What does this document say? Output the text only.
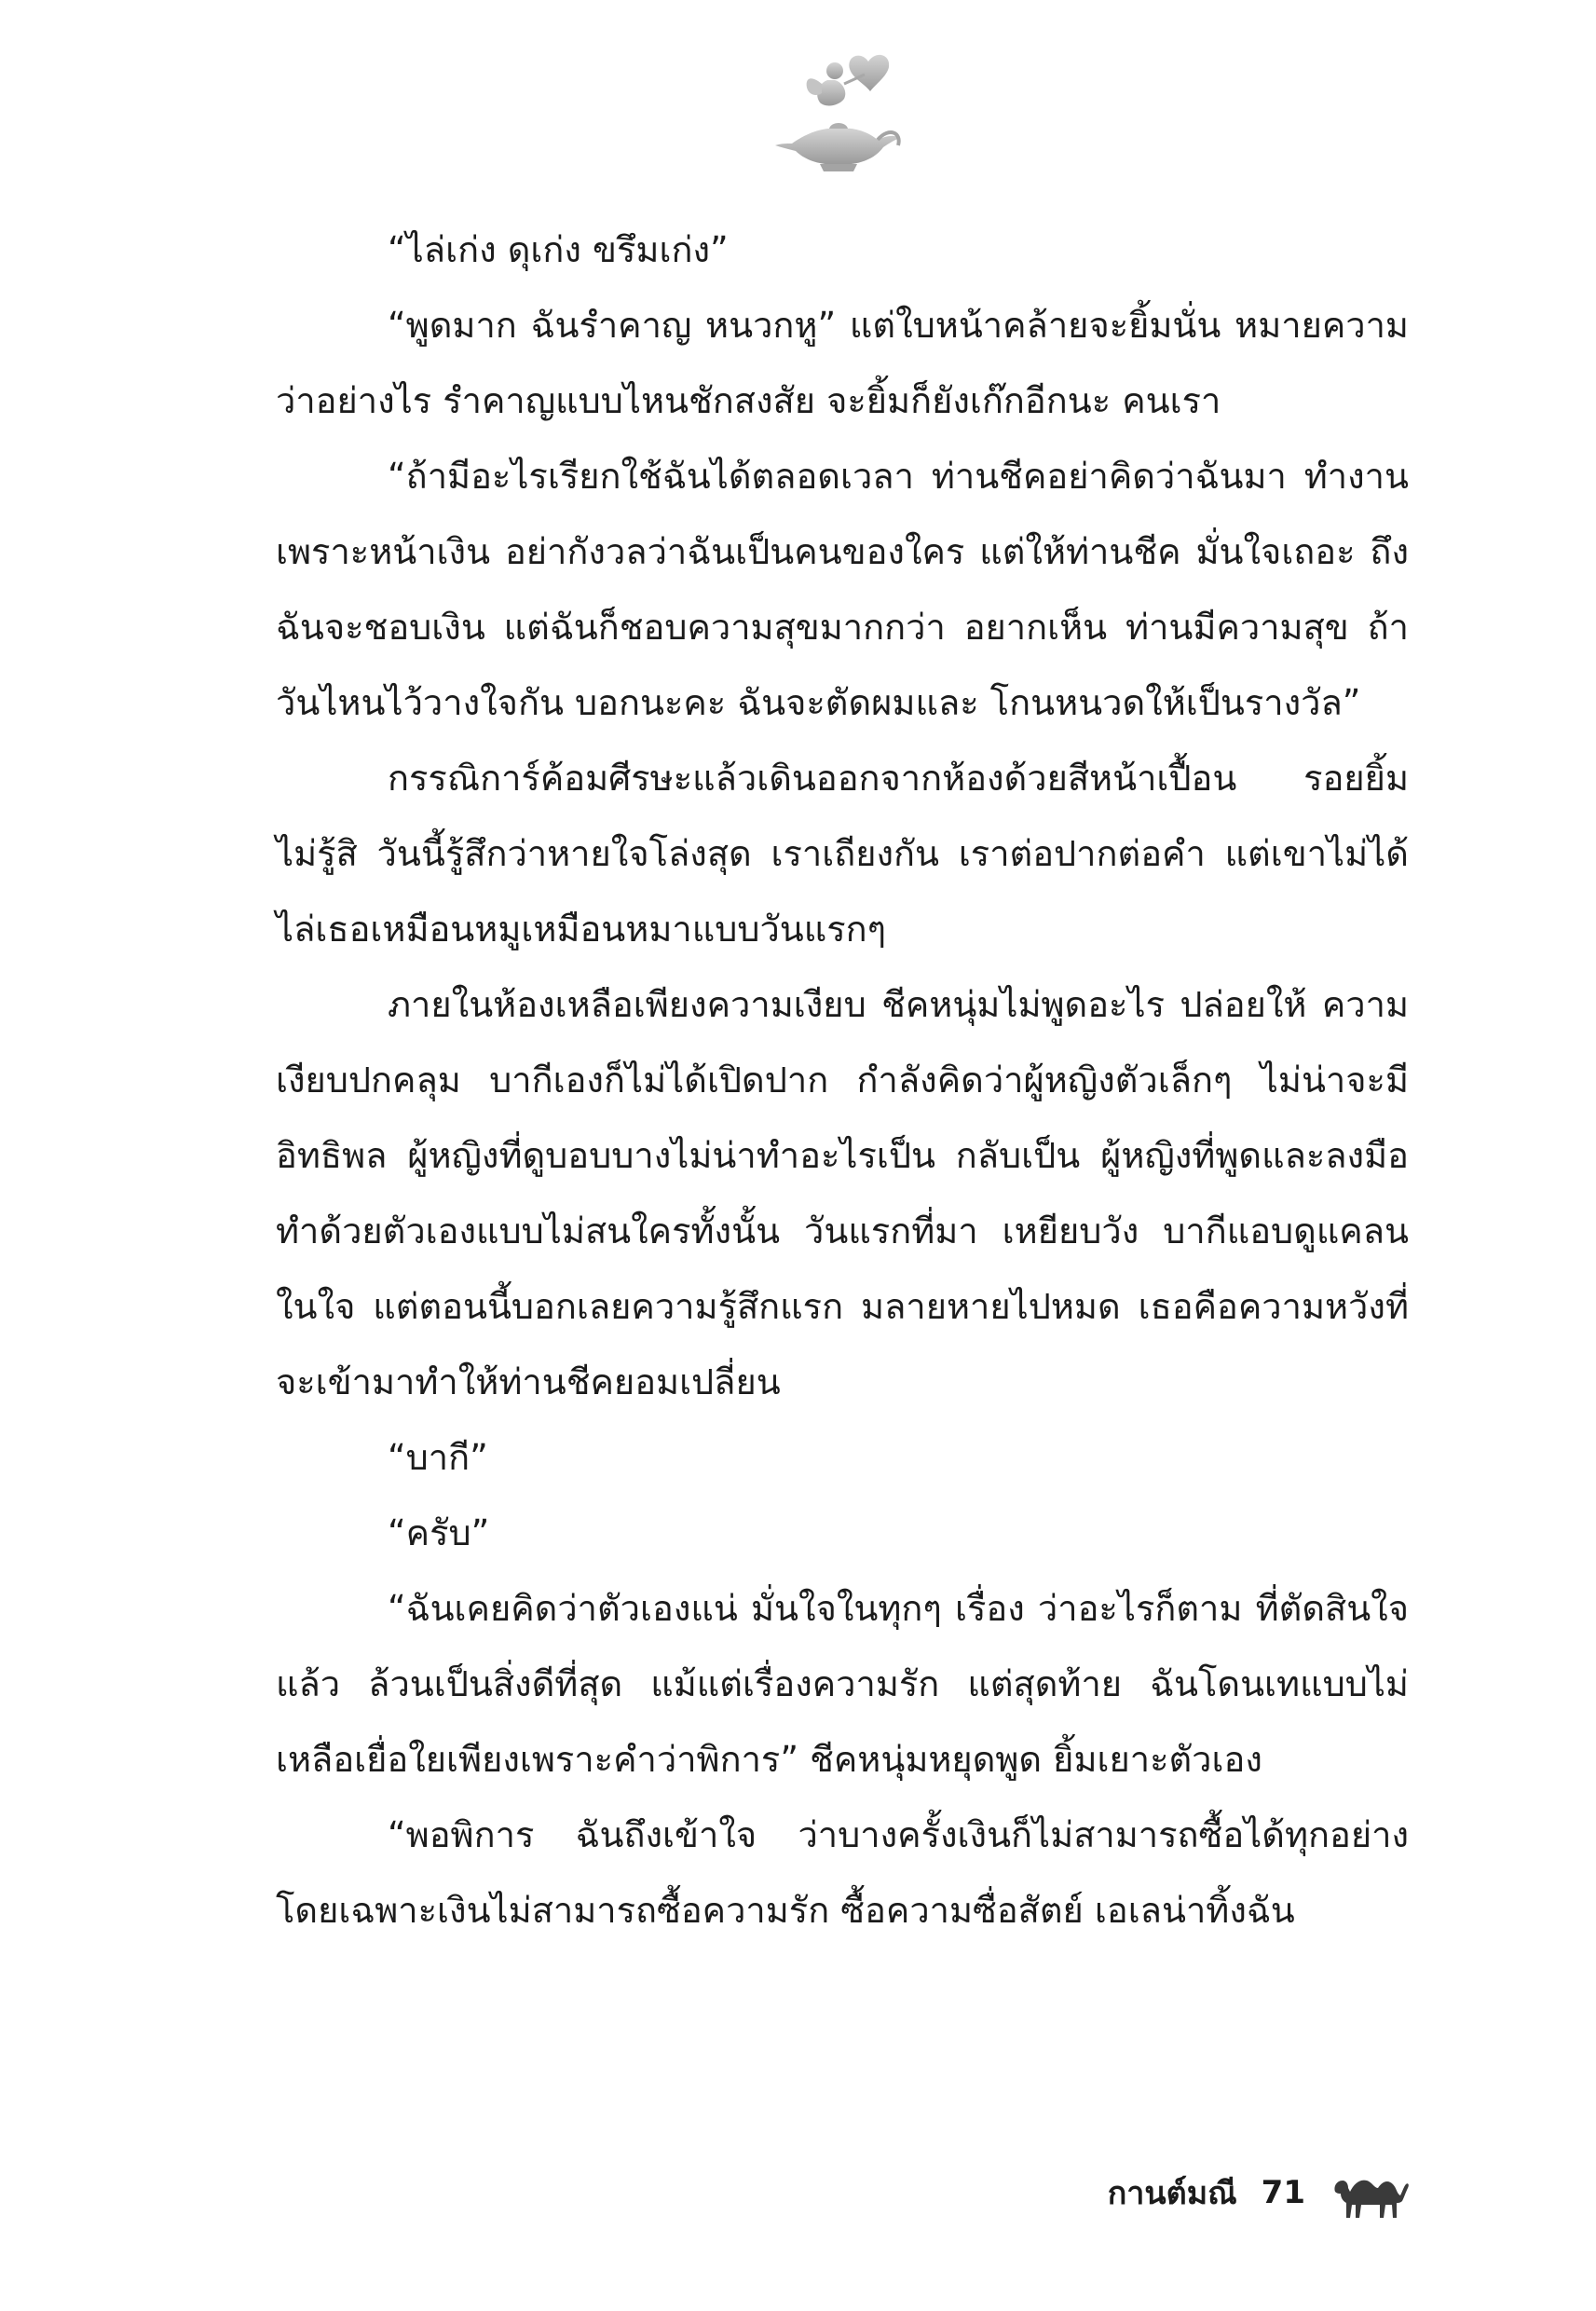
“ไล่เก่ง ดุเก่ง ขรึมเก่ง”

“พูดมาก ฉันรำคาญ หนวกหู” แต่ใบหน้าคล้ายจะยิ้มนั่น หมายความว่าอย่างไร รำคาญแบบไหนชักสงสัย จะยิ้มก็ยังเก๊กอีกนะ คนเรา

“ถ้ามีอะไรเรียกใช้ฉันได้ตลอดเวลา ท่านชีคอย่าคิดว่าฉันมา ทำงานเพราะหน้าเงิน อย่ากังวลว่าฉันเป็นคนของใคร แต่ให้ท่านชีค มั่นใจเถอะ ถึงฉันจะชอบเงิน แต่ฉันก็ชอบความสุขมากกว่า อยากเห็น ท่านมีความสุข ถ้าวันไหนไว้วางใจกัน บอกนะคะ ฉันจะตัดผมและ โกนหนวดให้เป็นรางวัล”

กรรณิการ์ค้อมศีรษะแล้วเดินออกจากห้องด้วยสีหน้าเปื้อน รอยยิ้ม ไม่รู้สิ วันนี้รู้สึกว่าหายใจโล่งสุด เราเถียงกัน เราต่อปากต่อคำ แต่เขาไม่ได้ไล่เธอเหมือนหมูเหมือนหมาแบบวันแรกๆ

ภายในห้องเหลือเพียงความเงียบ ชีคหนุ่มไม่พูดอะไร ปล่อยให้ ความเงียบปกคลุม บากีเองก็ไม่ได้เปิดปาก กำลังคิดว่าผู้หญิงตัวเล็กๆ ไม่น่าจะมีอิทธิพล ผู้หญิงที่ดูบอบบางไม่น่าทำอะไรเป็น กลับเป็น ผู้หญิงที่พูดและลงมือทำด้วยตัวเองแบบไม่สนใครทั้งนั้น วันแรกที่มา เหยียบวัง บากีแอบดูแคลนในใจ แต่ตอนนี้บอกเลยความรู้สึกแรก มลายหายไปหมด เธอคือความหวังที่จะเข้ามาทำให้ท่านชีคยอมเปลี่ยน

“บากี”

“ครับ”

“ฉันเคยคิดว่าตัวเองแน่ มั่นใจในทุกๆ เรื่อง ว่าอะไรก็ตาม ที่ตัดสินใจแล้ว ล้วนเป็นสิ่งดีที่สุด แม้แต่เรื่องความรัก แต่สุดท้าย ฉันโดนเทแบบไม่เหลือเยื่อใยเพียงเพราะคำว่าพิการ” ชีคหนุ่มหยุดพูด ยิ้มเยาะตัวเอง

“พอพิการ ฉันถึงเข้าใจ ว่าบางครั้งเงินก็ไม่สามารถซื้อได้ทุกอย่าง โดยเฉพาะเงินไม่สามารถซื้อความรัก ซื้อความซื่อสัตย์ เอเลน่าทิ้งฉัน

กานต์มณี 71
